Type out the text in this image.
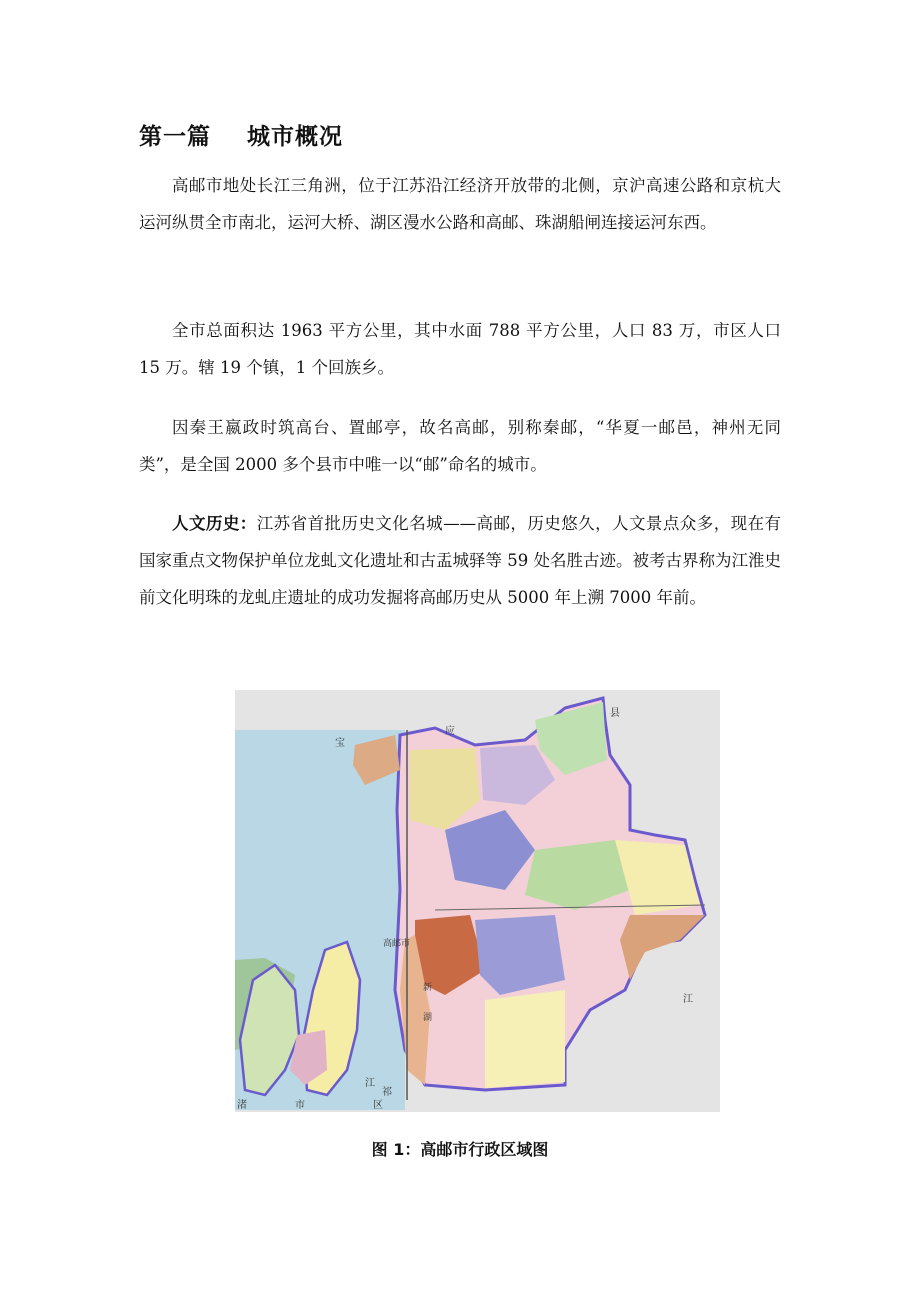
第一篇    城市概况

高邮市地处长江三角洲，位于江苏沿江经济开放带的北侧，京沪高速公路和京杭大运河纵贯全市南北，运河大桥、湖区漫水公路和高邮、珠湖船闸连接运河东西。

全市总面积达 1963 平方公里，其中水面 788 平方公里，人口 83 万，市区人口 15 万。辖 19 个镇，1 个回族乡。

因秦王嬴政时筑高台、置邮亭，故名高邮，别称秦邮，“华夏一邮邑，神州无同类”，是全国 2000 多个县市中唯一以“邮”命名的城市。

人文历史：江苏省首批历史文化名城——高邮，历史悠久，人文景点众多，现在有国家重点文物保护单位龙虬文化遗址和古盂城驿等 59 处名胜古迹。被考古界称为江淮史前文化明珠的龙虬庄遗址的成功发掘将高邮历史从 5000 年上溯 7000 年前。

宝
应
县
高邮市
江
江
祁
区
市
渚
新
湖

图 1：高邮市行政区域图
